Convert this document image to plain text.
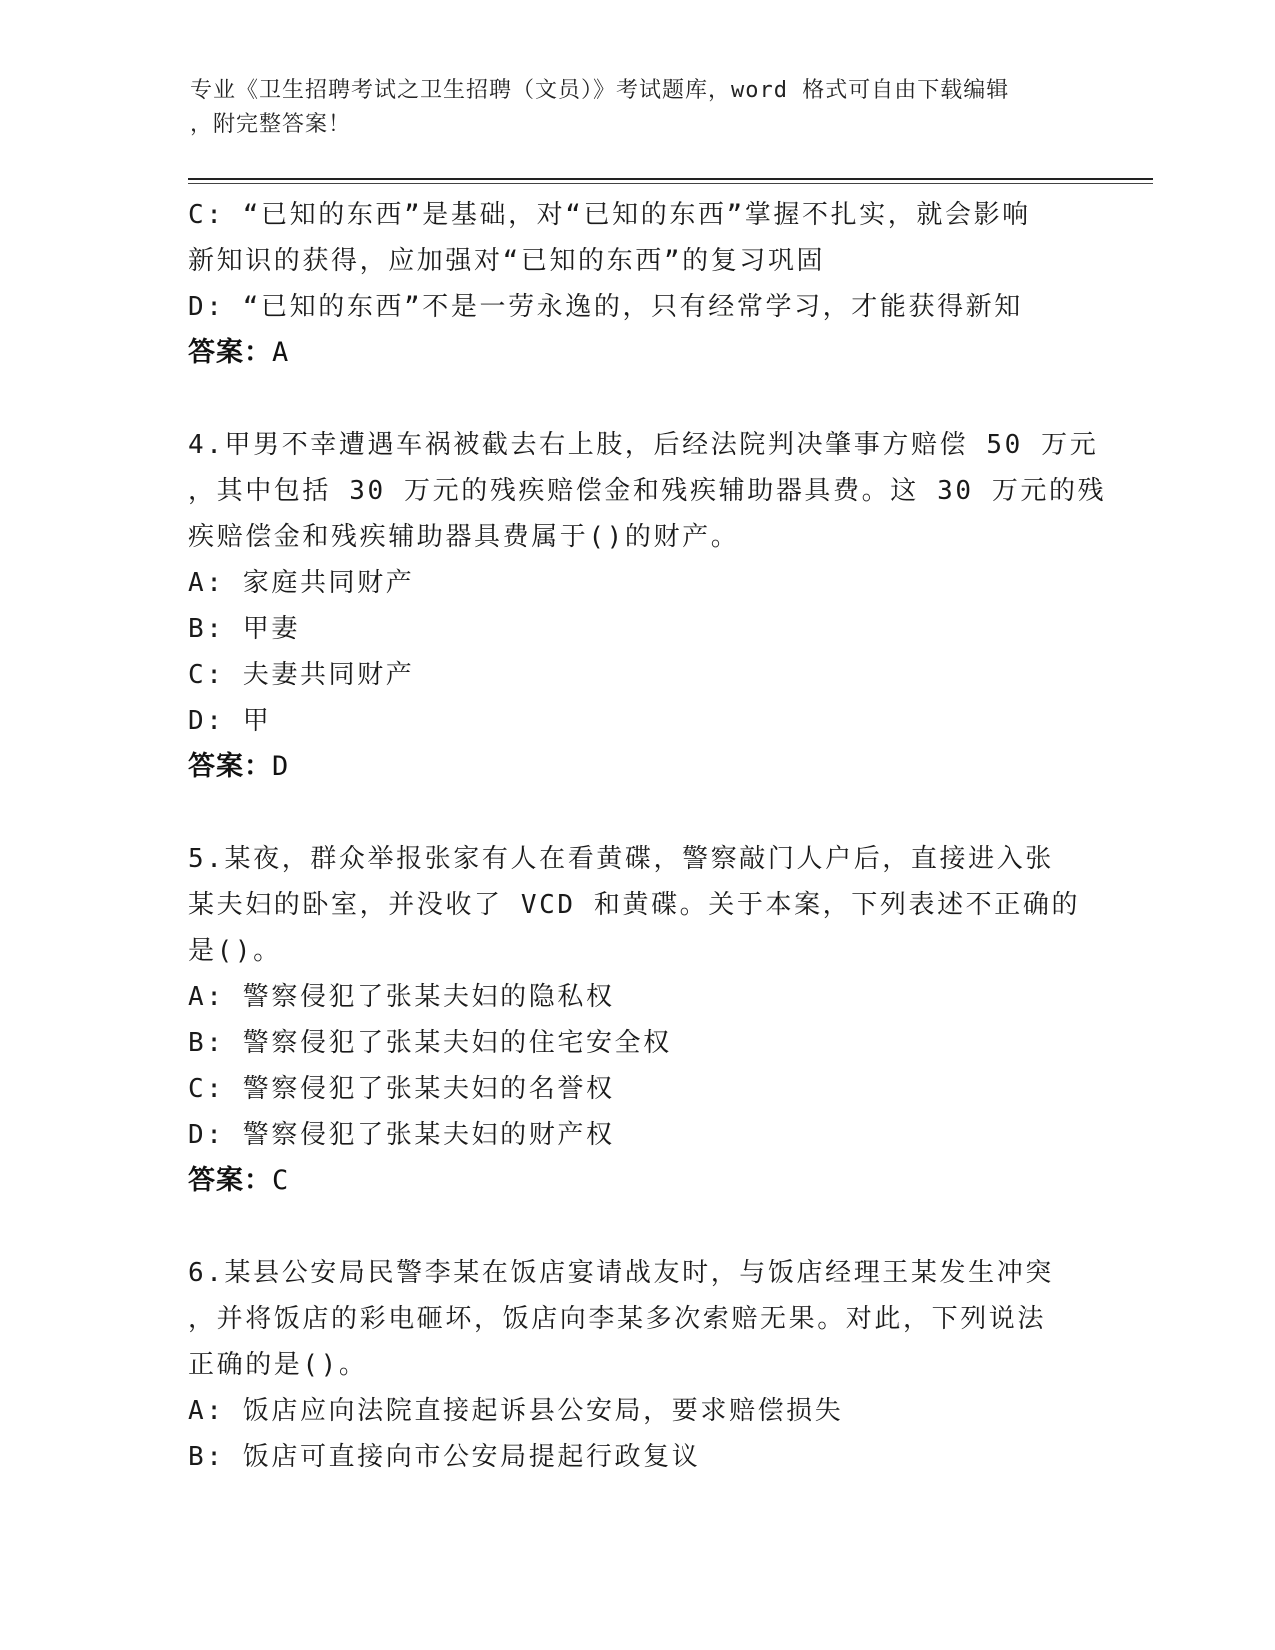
专业《卫生招聘考试之卫生招聘（文员）》考试题库，word 格式可自由下载编辑
，附完整答案！
C: “已知的东西”是基础，对“已知的东西”掌握不扎实，就会影响
新知识的获得，应加强对“已知的东西”的复习巩固
D: “已知的东西”不是一劳永逸的，只有经常学习，才能获得新知
答案：A
4.甲男不幸遭遇车祸被截去右上肢，后经法院判决肇事方赔偿 50 万元
，其中包括 30 万元的残疾赔偿金和残疾辅助器具费。这 30 万元的残
疾赔偿金和残疾辅助器具费属于()的财产。
A: 家庭共同财产
B: 甲妻
C: 夫妻共同财产
D: 甲
答案：D
5.某夜，群众举报张家有人在看黄碟，警察敲门人户后，直接进入张
某夫妇的卧室，并没收了 VCD 和黄碟。关于本案，下列表述不正确的
是()。
A: 警察侵犯了张某夫妇的隐私权
B: 警察侵犯了张某夫妇的住宅安全权
C: 警察侵犯了张某夫妇的名誉权
D: 警察侵犯了张某夫妇的财产权
答案：C
6.某县公安局民警李某在饭店宴请战友时，与饭店经理王某发生冲突
，并将饭店的彩电砸坏，饭店向李某多次索赔无果。对此，下列说法
正确的是()。
A: 饭店应向法院直接起诉县公安局，要求赔偿损失
B: 饭店可直接向市公安局提起行政复议
